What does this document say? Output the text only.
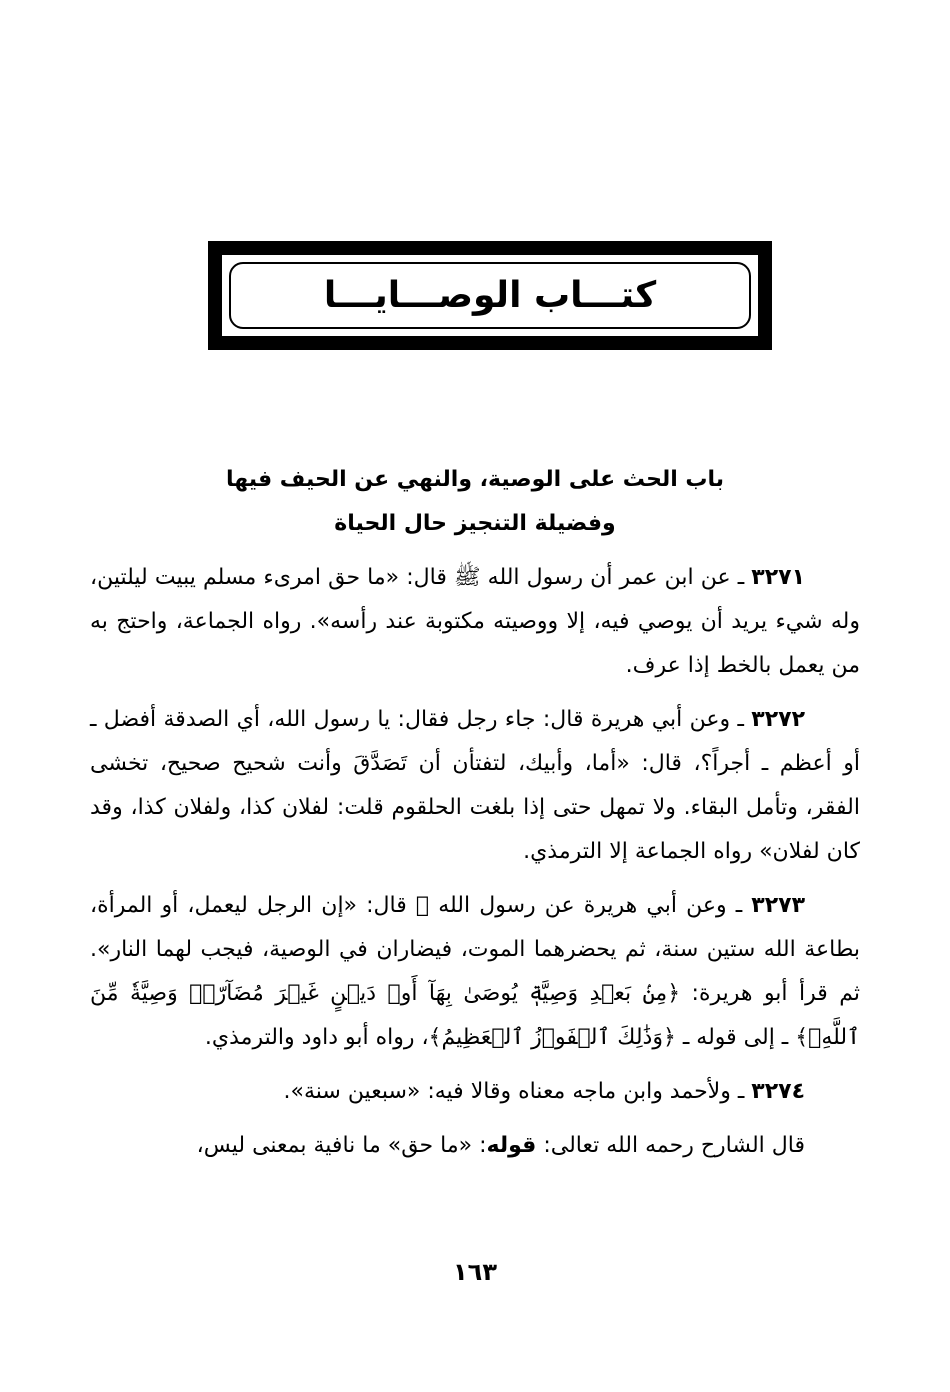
كتـــاب الوصـــايـــا
باب الحث على الوصية، والنهي عن الحيف فيها
وفضيلة التنجيز حال الحياة

٣٢٧١ ـ عن ابن عمر أن رسول الله ﷺ قال: «ما حق امرىء مسلم يبيت ليلتين، وله شيء يريد أن يوصي فيه، إلا ووصيته مكتوبة عند رأسه». رواه الجماعة، واحتج به من يعمل بالخط إذا عرف.

٣٢٧٢ ـ وعن أبي هريرة قال: جاء رجل فقال: يا رسول الله، أي الصدقة أفضل ـ أو أعظم ـ أجراً؟، قال: «أما، وأبيك، لتفتأن أن تَصَدَّقَ وأنت شحيح صحيح، تخشى الفقر، وتأمل البقاء. ولا تمهل حتى إذا بلغت الحلقوم قلت: لفلان كذا، ولفلان كذا، وقد كان لفلان» رواه الجماعة إلا الترمذي.

٣٢٧٣ ـ وعن أبي هريرة عن رسول الله ﷺ قال: «إن الرجل ليعمل، أو المرأة، بطاعة الله ستين سنة، ثم يحضرهما الموت، فيضاران في الوصية، فيجب لهما النار». ثم قرأ أبو هريرة: ﴿مِنۢ بَعۡدِ وَصِيَّةٖ يُوصَىٰ بِهَآ أَوۡ دَيۡنٍ غَيۡرَ مُضَآرّٖۚ وَصِيَّةٗ مِّنَ ٱللَّهِۗ﴾ ـ إلى قوله ـ ﴿وَذَٰلِكَ ٱلۡفَوۡزُ ٱلۡعَظِيمُ﴾، رواه أبو داود والترمذي.

٣٢٧٤ ـ ولأحمد وابن ماجه معناه وقالا فيه: «سبعين سنة».

قال الشارح رحمه الله تعالى: قوله: «ما حق» ما نافية بمعنى ليس،

١٦٣
